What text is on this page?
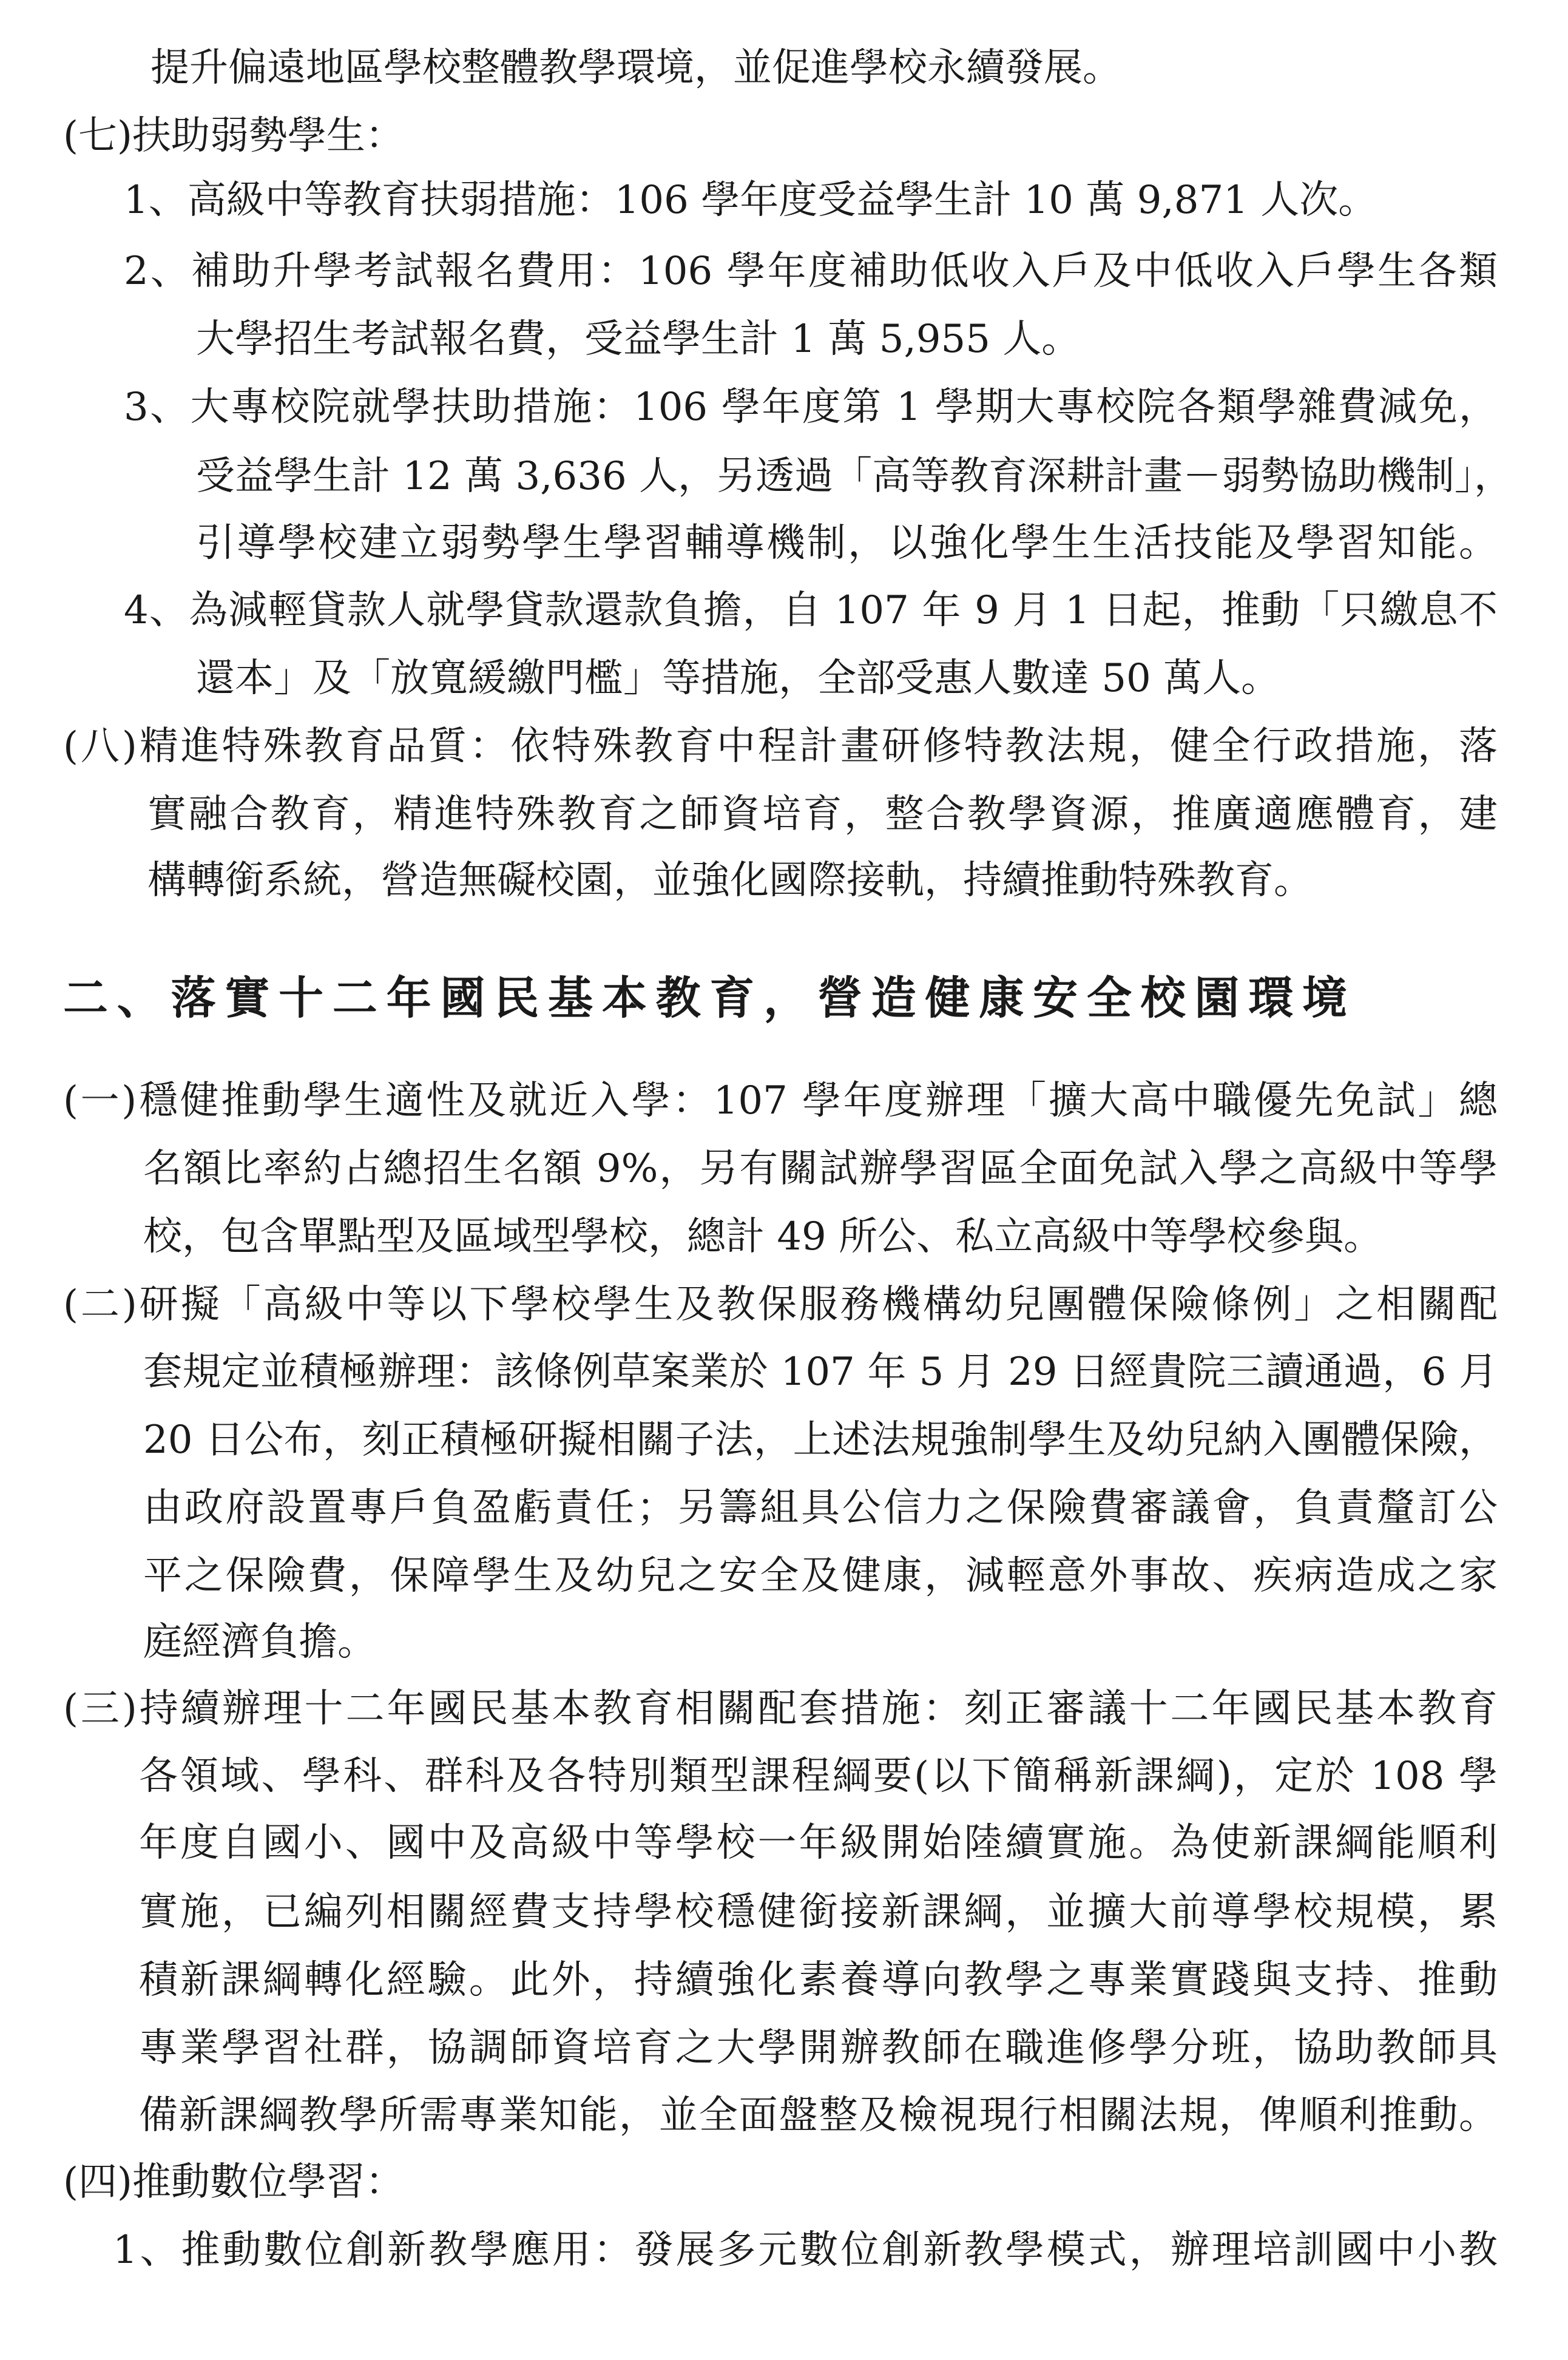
提升偏遠地區學校整體教學環境，並促進學校永續發展。
(七)扶助弱勢學生：
1、高級中等教育扶弱措施：106 學年度受益學生計 10 萬 9,871 人次。
2、補助升學考試報名費用：106 學年度補助低收入戶及中低收入戶學生各類
大學招生考試報名費，受益學生計 1 萬 5,955 人。
3、大專校院就學扶助措施：106 學年度第 1 學期大專校院各類學雜費減免，
受益學生計 12 萬 3,636 人，另透過「高等教育深耕計畫－弱勢協助機制」，
引導學校建立弱勢學生學習輔導機制，以強化學生生活技能及學習知能。
4、為減輕貸款人就學貸款還款負擔，自 107 年 9 月 1 日起，推動「只繳息不
還本」及「放寬緩繳門檻」等措施，全部受惠人數達 50 萬人。
(八)精進特殊教育品質：依特殊教育中程計畫研修特教法規，健全行政措施，落
實融合教育，精進特殊教育之師資培育，整合教學資源，推廣適應體育，建
構轉銜系統，營造無礙校園，並強化國際接軌，持續推動特殊教育。
二、落實十二年國民基本教育，營造健康安全校園環境
(一)穩健推動學生適性及就近入學：107 學年度辦理「擴大高中職優先免試」總
名額比率約占總招生名額 9%，另有關試辦學習區全面免試入學之高級中等學
校，包含單點型及區域型學校，總計 49 所公、私立高級中等學校參與。
(二)研擬「高級中等以下學校學生及教保服務機構幼兒團體保險條例」之相關配
套規定並積極辦理：該條例草案業於 107 年 5 月 29 日經貴院三讀通過，6 月
20 日公布，刻正積極研擬相關子法，上述法規強制學生及幼兒納入團體保險，
由政府設置專戶負盈虧責任；另籌組具公信力之保險費審議會，負責釐訂公
平之保險費，保障學生及幼兒之安全及健康，減輕意外事故、疾病造成之家
庭經濟負擔。
(三)持續辦理十二年國民基本教育相關配套措施：刻正審議十二年國民基本教育
各領域、學科、群科及各特別類型課程綱要(以下簡稱新課綱)，定於 108 學
年度自國小、國中及高級中等學校一年級開始陸續實施。為使新課綱能順利
實施，已編列相關經費支持學校穩健銜接新課綱，並擴大前導學校規模，累
積新課綱轉化經驗。此外，持續強化素養導向教學之專業實踐與支持、推動
專業學習社群，協調師資培育之大學開辦教師在職進修學分班，協助教師具
備新課綱教學所需專業知能，並全面盤整及檢視現行相關法規，俾順利推動。
(四)推動數位學習：
1、推動數位創新教學應用：發展多元數位創新教學模式，辦理培訓國中小教
